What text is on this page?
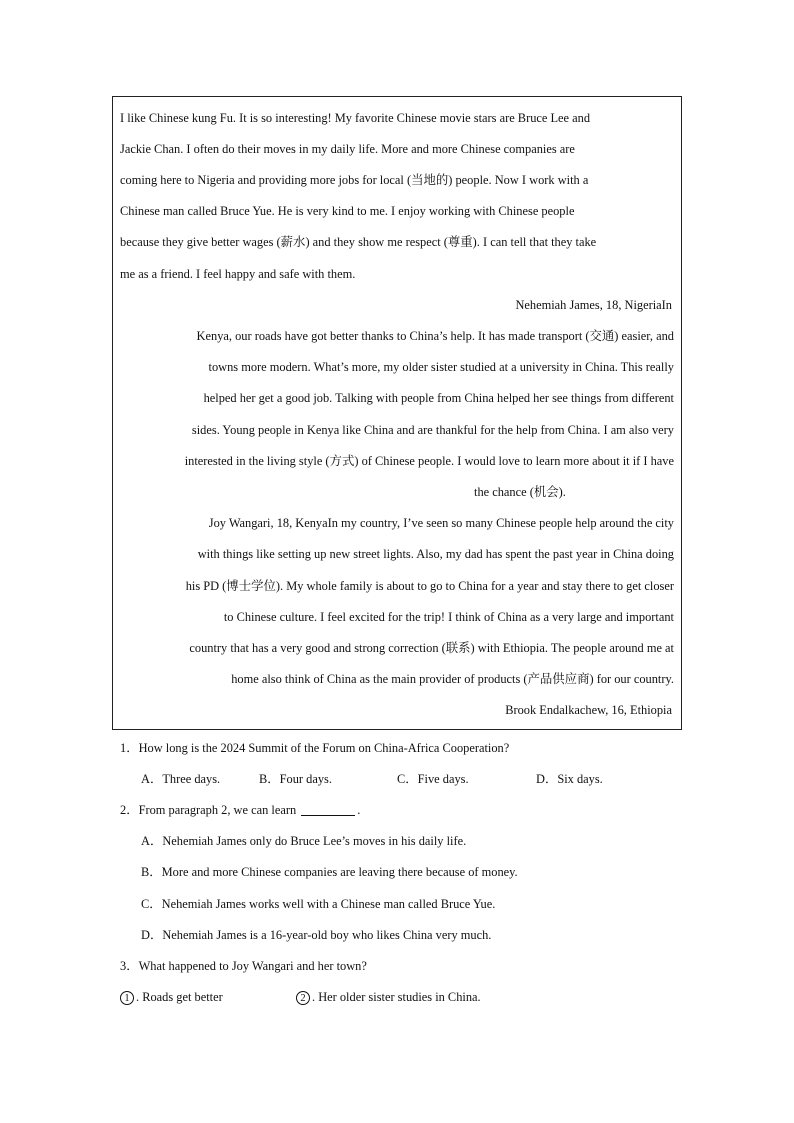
I like Chinese kung Fu. It is so interesting! My favorite Chinese movie stars are Bruce Lee and
Jackie Chan. I often do their moves in my daily life. More and more Chinese companies are
coming here to Nigeria and providing more jobs for local (当地的) people. Now I work with a
Chinese man called Bruce Yue. He is very kind to me. I enjoy working with Chinese people
because they give better wages (薪水) and they show me respect (尊重). I can tell that they take
me as a friend. I feel happy and safe with them.
Nehemiah James, 18, NigeriaIn
Kenya, our roads have got better thanks to China’s help. It has made transport (交通) easier, and
towns more modern. What’s more, my older sister studied at a university in China. This really
helped her get a good job. Talking with people from China helped her see things from different
sides. Young people in Kenya like China and are thankful for the help from China. I am also very
interested in the living style (方式) of Chinese people. I would love to learn more about it if I have
the chance (机会).
Joy Wangari, 18, KenyaIn my country, I’ve seen so many Chinese people help around the city
with things like setting up new street lights. Also, my dad has spent the past year in China doing
his PD (博士学位). My whole family is about to go to China for a year and stay there to get closer
to Chinese culture. I feel excited for the trip! I think of China as a very large and important
country that has a very good and strong correction (联系) with Ethiopia. The people around me at
home also think of China as the main provider of products (产品供应商) for our country.
Brook Endalkachew, 16, Ethiopia
1．How long is the 2024 Summit of the Forum on China-Africa Cooperation?
A．Three days.	B．Four days.	C．Five days.	D．Six days.
2．From paragraph 2, we can learn	.
A．Nehemiah James only do Bruce Lee’s moves in his daily life.
B．More and more Chinese companies are leaving there because of money.
C．Nehemiah James works well with a Chinese man called Bruce Yue.
D．Nehemiah James is a 16-year-old boy who likes China very much.
3．What happened to Joy Wangari and her town?
1 . Roads get better	2 . Her older sister studies in China.
